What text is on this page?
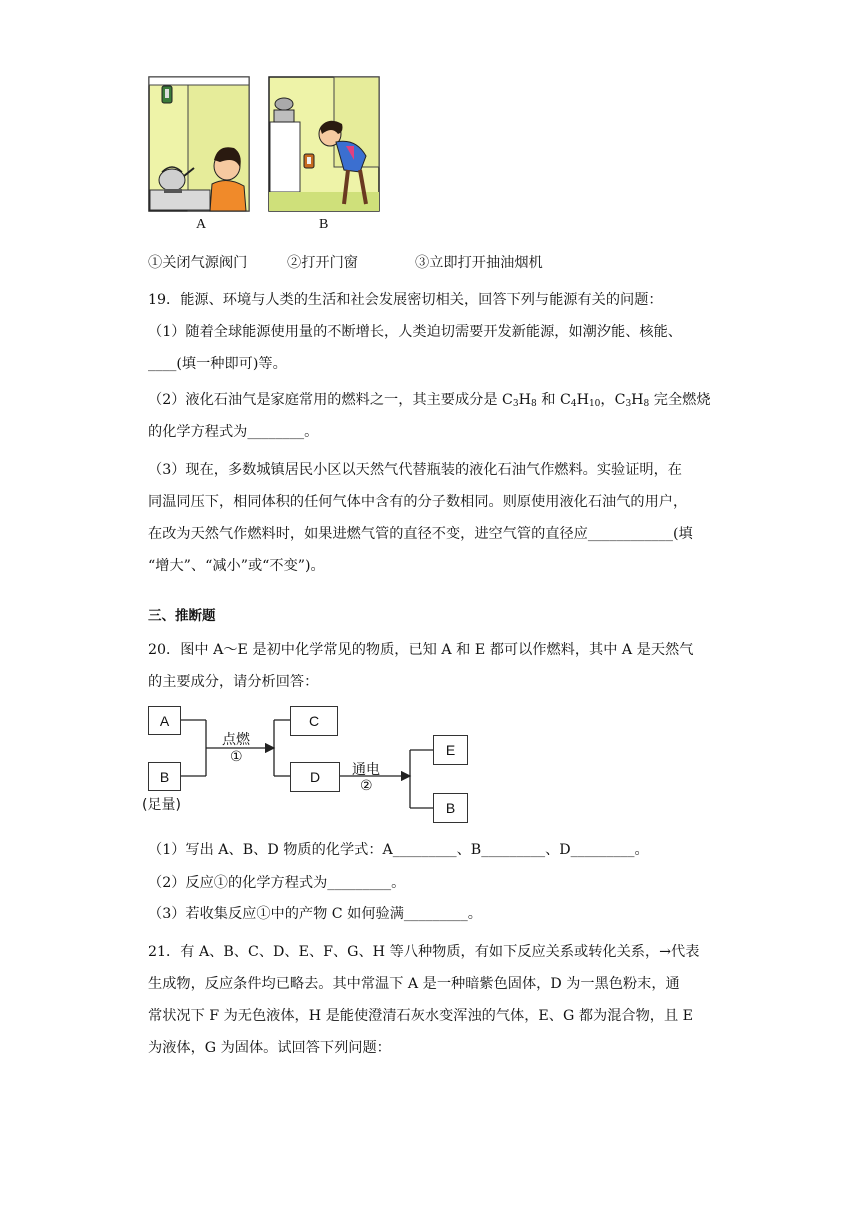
A	B
①关闭气源阀门	②打开门窗	③立即打开抽油烟机
19．能源、环境与人类的生活和社会发展密切相关，回答下列与能源有关的问题：
（1）随着全球能源使用量的不断增长，人类迫切需要开发新能源，如潮汐能、核能、
____(填一种即可)等。
（2）液化石油气是家庭常用的燃料之一，其主要成分是 $C_3H_8$ 和 $C_4H_{10}$，$C_3H_8$ 完全燃烧
的化学方程式为________。
（3）现在，多数城镇居民小区以天然气代替瓶装的液化石油气作燃料。实验证明，在
同温同压下，相同体积的任何气体中含有的分子数相同。则原使用液化石油气的用户，
在改为天然气作燃料时，如果进燃气管的直径不变，进空气管的直径应____________(填
“增大”、“减小”或“不变”)。
三、推断题
20．图中 A～E 是初中化学常见的物质，已知 A 和 E 都可以作燃料，其中 A 是天然气
的主要成分，请分析回答：
A
B
(足量)
点燃
①
C
D	通电
②
E
B
（1）写出 A、B、D 物质的化学式：A_________、B_________、D_________。
（2）反应①的化学方程式为_________。
（3）若收集反应①中的产物 C 如何验满_________。
21．有 A、B、C、D、E、F、G、H 等八种物质，有如下反应关系或转化关系，→代表
生成物，反应条件均已略去。其中常温下 A 是一种暗紫色固体，D 为一黑色粉末，通
常状况下 F 为无色液体，H 是能使澄清石灰水变浑浊的气体，E、G 都为混合物，且 E
为液体，G 为固体。试回答下列问题：
